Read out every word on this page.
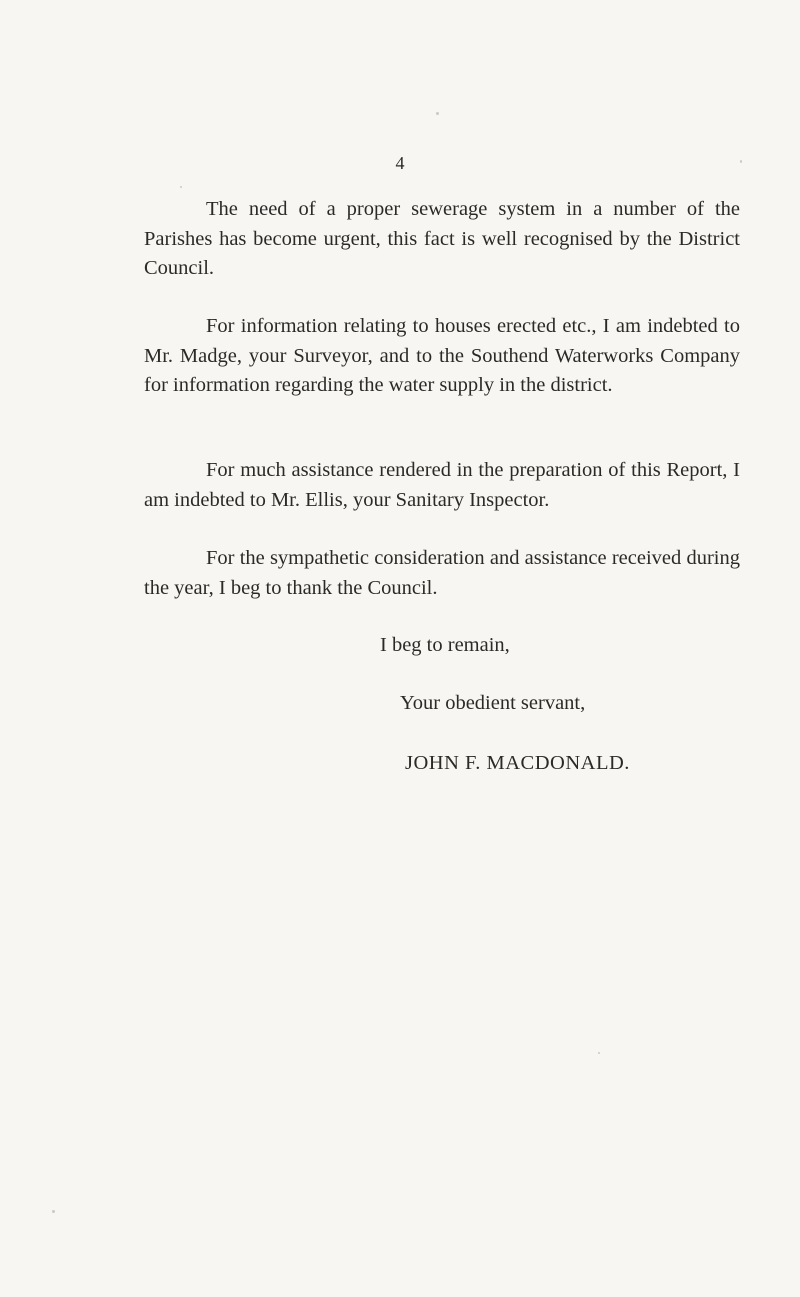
4

The need of a proper sewerage system in a number of the Parishes has become urgent, this fact is well recognised by the District Council.

For information relating to houses erected etc., I am indebted to Mr. Madge, your Surveyor, and to the Southend Waterworks Company for information regarding the water supply in the district.

For much assistance rendered in the preparation of this Report, I am indebted to Mr. Ellis, your Sanitary Inspector.

For the sympathetic consideration and assistance received during the year, I beg to thank the Council.

I beg to remain,
Your obedient servant,
JOHN F. MACDONALD.
